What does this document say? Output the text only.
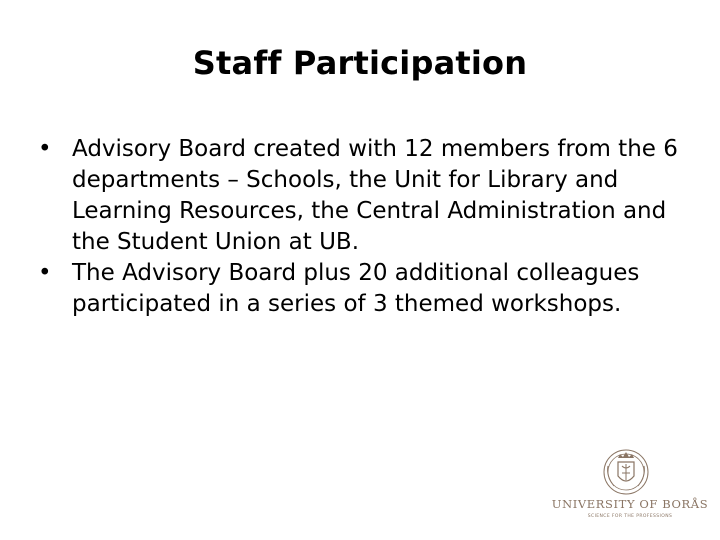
Staff Participation
• Advisory Board created with 12 members from the 6 departments – Schools, the Unit for Library and Learning Resources, the Central Administration and the Student Union at UB.
• The Advisory Board plus 20 additional colleagues participated in a series of 3 themed workshops.
UNIVERSITY OF BORÅS
SCIENCE FOR THE PROFESSIONS
